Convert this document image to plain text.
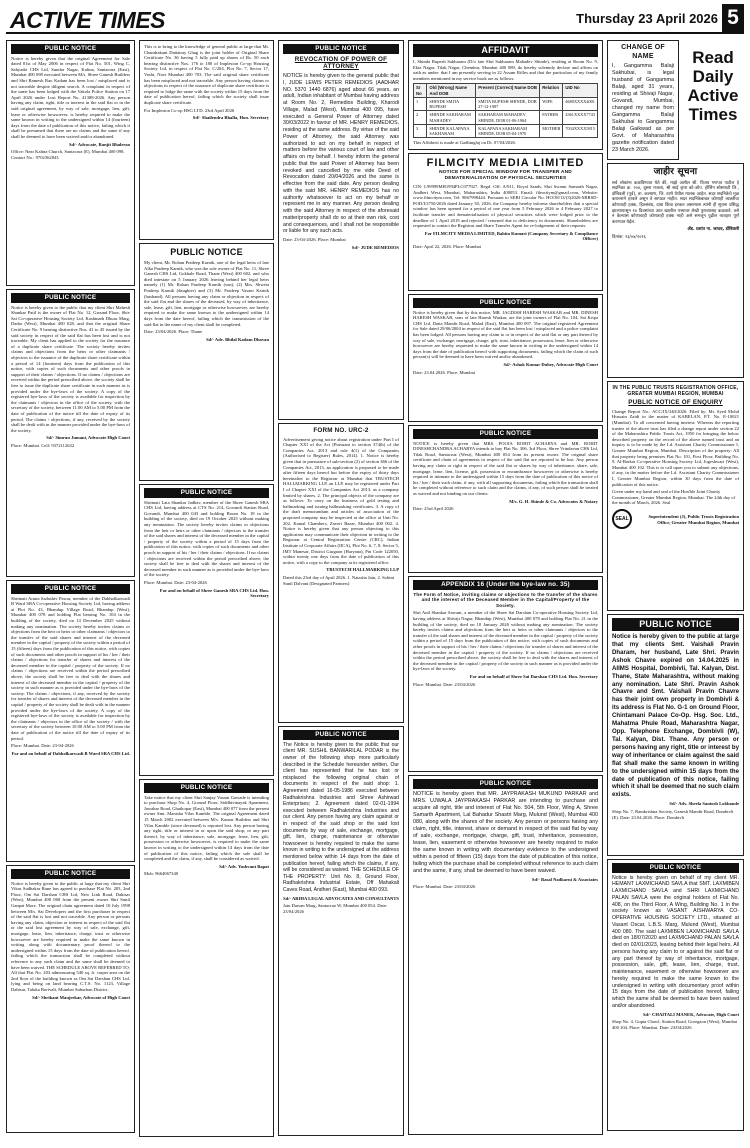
ACTIVE TIMES	Thursday 23 April 2026 5
PUBLIC NOTICE
Notice is hereby given that the original Agreement for Sale dated 01st of May 2006 in respect of Flat No. 501, Wing C, Sahyadri CHS Ltd, Sundar Nagar, Kalina, Santacruz (East), Mumbai 400 098 executed between M/s. Shree Ganesh Builders and Shri Ramesh Rao Kadam has been lost / misplaced and is not traceable despite diligent search. A complaint in respect of the same has been lodged with the Vakola Police Station on 17 April 2026 under Lost Report No. 41388-2026. Any person having any claim, right, title or interest in the said flat or in the said original agreement, by way of sale, mortgage, lien, gift, lease or otherwise howsoever, is hereby required to make the same known in writing to the undersigned within 14 (fourteen) days from the date of publication of this notice, failing which it shall be presumed that there are no claims and the same if any shall be deemed to have been waived and/or abandoned.
Sd/- Advocate, Ranjit Bhalerao
Office: Near Kalina Church, Santacruz (E), Mumbai 400 098. Contact No.: 9702362843
PUBLIC NOTICE
Notice is hereby given to the public that my client Shri Mahesh Shankar Patil is the owner of Flat No. 12, Ground Floor, Shiv Sai Co-operative Housing Society Ltd, Kashinath Dhuru Marg, Dadar (West), Mumbai 400 028, and that the original Share Certificate No. 9 bearing distinctive Nos. 41 to 45 issued by the said society in respect of the said flat has been lost and is not traceable. My client has applied to the society for the issuance of a duplicate share certificate. The society hereby invites claims and objections from the heirs or other claimants / objectors to the issuance of the duplicate share certificate within a period of 14 (fourteen) days from the publication of this notice, with copies of such documents and other proofs in support of their claims / objections. If no claims / objections are received within the period prescribed above, the society shall be free to issue the duplicate share certificate in such manner as is provided under the bye-laws of the society. A copy of the registered bye-laws of the society is available for inspection by the claimants / objectors in the office of the society, with the secretary of the society, between 11.00 AM to 5.00 PM from the date of publication of the notice till the date of expiry of its period. The claims / objections, if any, received by the society shall be dealt with in the manner provided under the bye-laws of the society.
Sd/- Simran Jumani, Advocate High Court
Place: Mumbai. Cell: 9372112632
PUBLIC NOTICE
Shrimati Aruna Sadashiv Pawar, member of the Dabholkarwadi B Ward SRA Co-operative Housing Society Ltd, having address at Plot No. 43, Bhandup Village Road, Bhandup (West), Mumbai 400 078 and holding Flat bearing No. 104 in the building of the society, died on 14 December 2025 without making any nomination. The society hereby invites claims or objections from the heir or heirs or other claimants / objectors to the transfer of the said shares and interest of the deceased member in the capital / property of the society within a period of 15 (fifteen) days from the publication of this notice, with copies of such documents and other proofs in support of his / her / their claims / objections for transfer of shares and interest of the deceased member in the capital / property of the society. If no claims / objections are received within the period prescribed above, the society shall be free to deal with the shares and interest of the deceased member in the capital / property of the society in such manner as is provided under the bye-laws of the society. The claims / objections, if any, received by the society for transfer of shares and interest of the deceased member in the capital / property of the society shall be dealt with in the manner provided under the bye-laws of the society. A copy of the registered bye-laws of the society is available for inspection by the claimants / objectors in the office of the society / with the secretary of the society between 10.00 AM to 5.00 PM from the date of publication of the notice till the date of expiry of its period.
Place: Mumbai. Date: 23-04-2026
For and on behalf of Dabholkarwadi B Ward SRA CHS Ltd.
PUBLIC NOTICE
Notice is hereby given to the public at large that my client Shri Vikas Sudhakar Rane has agreed to purchase Flat No. 203, 2nd Floor, Om Sai Darshan CHS Ltd, New Link Road, Dahisar (West), Mumbai 400 068 from the present owner Shri Sunil Ganpat More. The original chain agreement dated 10 July 1998 between M/s. Sai Developers and the first purchaser in respect of the said flat is lost and not traceable. Any person or persons having any claim, objection or interest in respect of the said flat or the said lost agreement by way of sale, exchange, gift, mortgage, lease, lien, inheritance, charge, trust or otherwise howsoever are hereby required to make the same known in writing along with documentary proof thereof to the undersigned within 15 days from the date of publication hereof, failing which the transaction shall be completed without reference to any such claim and the same shall be deemed to have been waived. THE SCHEDULE ABOVE REFERRED TO: All that Flat No. 203 admeasuring 540 sq. ft. carpet area on the 2nd floor of the building known as Om Sai Darshan CHS Ltd, lying and being on land bearing C.T.S. No. 1123, Village Dahisar, Taluka Borivali, Mumbai Suburban District.
Sd/- Shrikant Manjrekar, Advocate of High Court
This is to bring to the knowledge of general public at large that Mr. Chandrakant Dattatray Ghag is the joint holder of Original Share Certificate No. 36 having 5 fully paid up shares of Rs. 50 each bearing distinctive Nos. 176 to 180 of Implesion Co-op Housing Society Ltd, in respect of Flat No. C/204, Plot No. 7, Sector 17, Vashi, Navi Mumbai 400 703. The said original share certificate has been misplaced and not traceable. Any person having claims or objections in respect of the issuance of duplicate share certificate is required to lodge the same with the society within 15 days from the date of publication hereof, failing which the society shall issue duplicate share certificate.
For Implesion Co-op HSG LTD. 23rd April 2026
Sd/- Shailendra Bhalla, Hon. Secretary
PUBLIC NOTICE
My client, Mr. Rohan Pradeep Karnik, one of the legal heirs of late Alka Pradeep Karnik, who was the sole owner of Flat No. 11, Shree Ganesh CHS Ltd, Gokhale Road, Thane (West) 400 602, and who died intestate on 5 January 2026 leaving behind her legal heirs namely (1) Mr. Rohan Pradeep Karnik (son), (2) Mrs. Shweta Pradeep Karnik (daughter) and (3) Mr. Pradeep Vasant Karnik (husband). All persons having any claim or objection in respect of the said flat and the shares of the deceased, by way of inheritance, sale, lease, gift, lien, mortgage or otherwise howsoever, are hereby required to make the same known to the undersigned within 14 days from the date hereof, failing which the transmission of the said flat in the name of my client shall be completed.
Date: 23/04/2026. Place: Thane
Sd/- Adv. Bhilal Kadam Dhavan
PUBLIC NOTICE
Shrimati Lata Shankar Jadhav, member of the Shree Ganesh SRA CHS Ltd, having address at CTS No. 214, Govandi Station Road, Govandi, Mumbai 400 043 and holding Room No. 18 in the building of the society, died on 19 October 2025 without making any nomination. The society hereby invites claims or objections from the heir or heirs or other claimants / objectors to the transfer of the said shares and interest of the deceased member in the capital / property of the society within a period of 15 days from the publication of this notice, with copies of such documents and other proofs in support of his / her / their claims / objections. If no claims / objections are received within the period prescribed above, the society shall be free to deal with the shares and interest of the deceased member in such manner as is provided under the bye-laws of the society.
Place: Mumbai. Date: 23-04-2026
For and on behalf of Shree Ganesh SRA CHS Ltd. Hon. Secretary
PUBLIC NOTICE
Take notice that my client Shri Sanjay Vasant Gawade is intending to purchase Shop No. 4, Ground Floor, Siddhivinayak Apartment, Jawahar Road, Ghatkopar (East), Mumbai 400 077 from the present owner Smt. Manisha Vilas Kamble. The original Agreement dated 15 March 2002 executed between M/s. Kumar Builders and Shri Vilas Kamble (since deceased) is reported lost. Any person having any right, title or interest in or upon the said shop, or any part thereof, by way of inheritance, sale, mortgage, lease, lien, gift, possession or otherwise howsoever, is required to make the same known in writing to the undersigned within 14 days from the date of publication of this notice, failing which the sale shall be completed and the claim, if any, shall be considered as waived.
Sd/- Adv. Yashvant Bapat
Mob: 9664067340
PUBLIC NOTICE
REVOCATION OF POWER OF ATTORNEY
NOTICE is hereby given to the general public that I, JUDE LEWIS PETER REMEDIOS (AADHAR NO. 5370 1440 6876) aged about 66 years, an adult, Indian inhabitant of Mumbai having address at Room No. 2, Remedios Building, Kharodi Village, Malad (West), Mumbai 400 095, have executed a General Power of Attorney dated 30/03/2022 in favour of MR. HENRY REMEDIOS, residing at the same address. By virtue of the said Power of Attorney, the said Attorney was authorized to act on my behalf in respect of matters before the various court of law and other affairs on my behalf. I hereby inform the general public that the said Power of Attorney has been revoked and cancelled by me vide Deed of Revocation dated 20/04/2026 and the same is effective from the said date. Any person dealing with the said MR. HENRY REMEDIOS has no authority whatsoever to act on my behalf or represent me in any manner. Any person dealing with the said Attorney in respect of the aforesaid matter/property shall do so at their own risk, cost and consequences, and I shall not be responsible or liable for any such acts.
Date: 23-04-2026. Place: Mumbai
Sd/- JUDE REMEDIOS
FORM NO. URC-2
Advertisement giving notice about registration under Part I of Chapter XXI of the Act [Pursuant to section 374(b) of the Companies Act, 2013 and rule 4(1) of the Companies (Authorised to Register) Rules, 2014]. 1. Notice is hereby given that in pursuance of sub-section (2) of section 366 of the Companies Act, 2013, an application is proposed to be made after fifteen days hereof but before the expiry of thirty days hereinafter to the Registrar at Mumbai that TRUSTECH HALLMARKING LLP, an LLP, may be registered under Part I of Chapter XXI of the Companies Act 2013, as a company limited by shares. 2. The principal objects of the company are as follows: To carry on the business of gold testing and hallmarking and issuing hallmarking certificates. 3. A copy of the draft memorandum and articles of association of the proposed company may be inspected at the office at Unit No. 202, Kamal Chambers, Zaveri Bazar, Mumbai 400 002. 4. Notice is hereby given that any person objecting to this application may communicate their objection in writing to the Registrar at Central Registration Centre (CRC), Indian Institute of Corporate Affairs (IICA), Plot No. 6, 7, 8, Sector 5, IMT Manesar, District Gurgaon (Haryana), Pin Code 122050, within twenty one days from the date of publication of this notice, with a copy to the company at its registered office.
TRUSTECH HALLMARKING LLP
Dated this 23rd day of April 2026. 1. Natasha Jain, 2. Sohini Sunil Dalvani (Designated Partners)
PUBLIC NOTICE
The Notice is hereby given to the public that our client MR. SUSHIL BANWARILAL PODAR is the owner of the following shop more particularly described in the Schedule hereunder written. Our client has represented that he has lost or misplaced the following original chain of documents in respect of the said shop: 1. Agreement dated 16-05-1986 executed between Radhakrishna Industries and Shree Ashirwad Enterprises; 2. Agreement dated 02-01-1994 executed between Radhakrishna Industries and our client. Any person having any claim against or in respect of the said shop or the said lost documents by way of sale, exchange, mortgage, gift, lien, charge, maintenance or otherwise howsoever is hereby required to make the same known in writing to the undersigned at the address mentioned below within 14 days from the date of publication hereof, failing which the claims, if any, will be considered as waived. THE SCHEDULE OF THE PROPERTY: Unit No. 8, Ground Floor, Radhakrishna Industrial Estate, Off Mahakali Caves Road, Andheri (East), Mumbai 400 093.
Sd/- ARIHA LEGAL ADVOCATES AND CONSULTANTS
Jain Darsan Marg, Santacruz W, Mumbai 400 054. Date: 23/04/2026
AFFIDAVIT
I, Shinda Rupesh Sakharam (D/o late Shri Sakharam Mahadev Shinde), residing at Room No. 9, Ekta Nagar, Tilak Nagar, Chembur, Mumbai 400 089, do hereby solemnly declare and affirm on oath as under: that I am presently serving in 22 Assam Rifles and that the particulars of my family members mentioned in my service book are as follows:
Sr No	Old (Wrong) Name And DOB	Present (Correct) Name DOB	Relation	UID No
1	SHINDE SMITA RUPESH	SMITA RUPESH SHINDE, DOB 27-12-1987	WIFE	4680XXXX4001
2	SHINDE SAKHARAM MAHADEV	SAKHARAM MAHADEV SHINDE, DOB 01-06-1964	FATHER	4361XXXX7743
3	SHINDE KALAPANA SAKHARAM	KALAPANA SAKHARAM SHINDE, DOB 05-04-1970	MOTHER	7034XXXX5815
This Affidavit is made at Gadhinglaj on Dt. 07/04/2026.
FILMCITY MEDIA LIMITED
NOTICE FOR SPECIAL WINDOW FOR TRANSFER AND DEMATERIALISATION OF PHYSICAL SECURITIES
CIN: L99999MH1994PLC077927. Regd. Off: A/911, Royal Sands, Shri Swami Samarth Nagar, Andheri West, Mumbai, Maharashtra, India 400053. Email: filmcitym@gmail.com, Website: www.filmcitym.com, Tel: 9867998444. Pursuant to SEBI Circular No. HO/38/13/(3)2026-MIRSD-POD/I/3750/2026 dated January 30, 2026, the Company hereby informs shareholders that a special window has been opened for a period of one year from 5 February 2026 to 4 February 2027 to facilitate transfer and dematerialisation of physical securities which were lodged prior to the deadline of 1 April 2019 and rejected / returned due to deficiency in documents. Shareholders are requested to contact the Registrar and Share Transfer Agent for re-lodgement of their requests.
For FILMCITY MEDIA LIMITED, Babita Kumari (Company Secretary & Compliance Officer)
Date: April 22, 2026. Place: Mumbai
PUBLIC NOTICE
Notice is hereby given that by this notice, MR. JAGDISH HARESH WASKAR and MR. DINESH HARESH WASKAR, sons of late Haresh Waskar, are the joint owners of Flat No. 104, Sai Kripa CHS Ltd, Datta Mandir Road, Malad (East), Mumbai 400 097. The original registered Agreement for Sale dated 29/06/2004 in respect of the said flat has been lost / misplaced and a police complaint has been lodged. All persons having any claim to or in respect of the said flat or any part thereof by way of sale, exchange, mortgage, charge, gift, trust, inheritance, possession, lease, lien or otherwise howsoever are hereby requested to make the same known in writing to the undersigned within 14 days from the date of publication hereof with supporting documents, failing which the claim of such person(s) will be deemed to have been waived and/or abandoned.
Sd/- Ashok Kumar Dubey, Advocate High Court
Date: 23.04.2026. Place: Mumbai
PUBLIC NOTICE
NOTICE is hereby given that MRS. POOJA ROHIT ACHARYA and MR. ROHIT DINESHCHANDRA ACHARYA intends to buy Flat No. 306, 3rd Floor, Shree Vrindavan CHS Ltd, Tilak Road, Santacruz (West), Mumbai 400 054 from its present owner. The original share certificate and chain of agreements in respect of the said flat are reported to be lost. Any person having any claim or right in respect of the said flat or shares by way of inheritance, share, sale, mortgage, lease, lien, license, gift, possession or encumbrance howsoever or otherwise is hereby required to intimate to the undersigned within 15 days from the date of publication of this notice of his / her / their such claim, if any, with all supporting documents, failing which the transaction shall be completed without reference to such claim and the claims, if any, of such person shall be treated as waived and not binding on our clients.
M/s. G. H. Shinde & Co. Advocates & Notary
Date: 23rd April 2026
APPENDIX 16 (Under the bye-law no. 35)
The Form of Notice, inviting claims or objections to the transfer of the shares and the interest of the Deceased Member in the Capital/Property of the Society.
Shri Anil Shankar Sawant, a member of the Shree Sai Darshan Co-operative Housing Society Ltd, having address at Shivaji Nagar, Bhandup (West), Mumbai 400 078 and holding Flat No. 21 in the building of the society, died on 10 January 2026 without making any nomination. The society hereby invites claims and objections from the heir or heirs or other claimants / objectors to the transfer of the said shares and interest of the deceased member in the capital / property of the society within a period of 15 days from the publication of this notice, with copies of such documents and other proofs in support of his / her / their claims / objections for transfer of shares and interest of the deceased member in the capital / property of the society. If no claims / objections are received within the period prescribed above, the society shall be free to deal with the shares and interest of the deceased member in the capital / property of the society in such manner as is provided under the bye-laws of the society.
For and on behalf of Shree Sai Darshan CHS Ltd. Hon. Secretary
Place: Mumbai. Date: 23/04/2026
PUBLIC NOTICE
NOTICE is hereby given that MR. JAYPRAKASH MUKUND PARKAR and MRS. UJWALA JAYPRAKASH PARKAR are intending to purchase and acquire all right, title and interest of Flat No. 504, 5th Floor, Wing A, Shree Samarth Apartment, Lal Bahadur Shastri Marg, Mulund (West), Mumbai 400 080, along with the shares of the society. Any person or persons having any claim, right, title, interest, share or demand in respect of the said flat by way of sale, exchange, mortgage, charge, gift, trust, inheritance, possession, lease, lien, easement or otherwise howsoever are hereby required to make the same known in writing with documentary evidence to the undersigned within a period of fifteen (15) days from the date of publication of this notice, failing which the purchase shall be completed without reference to such claim and the same, if any, shall be deemed to have been waived.
Sd/- Rasal Nadkarni & Associates
Place: Mumbai. Date: 23/04/2026
CHANGE OF NAME
I, Gangamma Balaji Sakhubai, is legal husband of Gangamma Balaji, aged 31 years, residing at Shivaji Nagar, Govandi, Mumbai, changed my name from Gangamma Balaji Sakhubai to Gangamma Balaji Gaikwad as per Govt. of Maharashtra gazette notification dated 23 March 2026.
Read
Daily
Active
Times
जाहीर सूचना
सर्व लोकांना कळविण्यात येते की, माझे अशील श्री. विजय गणपत पाटील हे सदनिका क्र. २०४, दुसरा मजला, श्री साई कृपा को-ऑप. हौसिंग सोसायटी लि., डोंबिवली (पूर्व), ता. कल्याण, जि. ठाणे येथील मालक आहेत. सदर सदनिकेचे मूळ करारनामे हरवले असून ते सापडत नाहीत. सदर सदनिकेबाबत कोणाही व्यक्तीचा कोणताही हक्क, हितसंबंध, दावा किंवा हरकत असल्यास त्यांनी ही सूचना प्रसिद्ध झाल्यापासून १४ दिवसांच्या आत खालील पत्त्यावर लेखी पुराव्यासह कळवावे. तसे न केल्यास कोणाचाही कोणताही हक्क नाही असे समजून पुढील व्यवहार पूर्ण करण्यात येईल.
ॲड. प्रशांत ना. जाधव, डोंबिवली
दिनांक: २३/०४/२०२६
IN THE PUBLIC TRUSTS REGISTRATION OFFICE, GREATER MUMBAI REGION, MUMBAI
PUBLIC NOTICE OF ENQUIRY
Change Report No.: ACC/IX/340/2026. Filed by: Mr. Syed Mohd Hussain Zaidi in the matter of KABELAN, P.T. No. E-10021 (Mumbai). To all concerned having interest: Whereas the reporting trustee of the above trust has filed a change report under section 22 of the Maharashtra Public Trusts Act, 1950 for bringing the below described property on the record of the above named trust and an inquiry is to be made by the Ld. Assistant Charity Commissioner I, Greater Mumbai Region, Mumbai. Description of the property: All that property being premises Flat No. 101, First Floor, Building No. 9, Al-Barkat Co-operative Housing Society Ltd, Jogeshwari (West), Mumbai 400 102. This is to call upon you to submit any objections, if any, in the matter before the Ld. Assistant Charity Commissioner I, Greater Mumbai Region, within 30 days from the date of publication of this notice.
Given under my hand and seal of the Hon'ble Joint Charity Commissioner, Greater Mumbai Region, Mumbai. The 24th day of the month of March, 2026. Seal
SEAL	Superintendent (J), Public Trusts Registration Office, Greater Mumbai Region, Mumbai
PUBLIC NOTICE
Notice is hereby given to the public at large that my clients Smt. Vaishali Pravin Dharam, her husband, Late Shri. Pravin Ashok Chavre expired on 14.04.2025 in AIIMS Hospital, Dombivli, Tal. Kalyan, Dist. Thane, State Maharashtra, without making any nomination. Late Shri. Pravin Ashok Chavre and Smt. Vaishali Pravin Chavre has their joint own property in Dombivli & its address is Flat No. G-1 on Ground Floor, Chintamani Palace Co-Op. Hsg. Soc. Ltd., Mahatma Phule Road, Maharashtra Nagar, Opp. Telephone Exchange, Dombivli (W), Tal. Kalyan, Dist. Thane. Any person or persons having any right, title or interest by way of inheritance or claim against the said flat shall make the same known in writing to the undersigned within 15 days from the date of publication of this notice, failing which it shall be deemed that no such claim exists.
Sd/- Adv. Sheela Santosh Lokhande
Shop No. 7, Ramkrishna Society, Ganesh Mandir Road, Dombivli (E). Date: 23.04.2026. Place: Dombivli
PUBLIC NOTICE
Notice is hereby given on behalf of my client MR. HEMANT LAXMICHAND SAVLA that SMT. LAXMIBEN LAXMICHAND SAVLA and SHRI LAXMICHAND PALAN SAVLA were the original holders of Flat No. 408, on the Third Floor, A Wing, Building No. 1 in the society known as VASANT AISHWARYA CO-OPERATIVE HOUSING SOCIETY LTD., situated at Vasant Oscar, L.B.S. Marg, Mulund (West), Mumbai 400 080. The said LAXMIBEN LAXMICHAND SAVLA died on 18/07/2020 and LAXMICHAND PALAN SAVLA died on 02/01/2023, leaving behind their legal heirs. All persons having any claim to or against the said flat or any part thereof by way of inheritance, mortgage, possession, sale, gift, lease, lien, charge, trust, maintenance, easement or otherwise howsoever are hereby required to make the same known to the undersigned in writing with documentary proof within 15 days from the date of publication hereof, failing which the same shall be deemed to have been waived and/or abandoned.
Sd/- CHAITALI MANEK, Advocate, High Court
Shop No. 4, Gupta Chawl, Station Road, Goregaon (West), Mumbai 400 104. Place: Mumbai. Date: 23/04/2026
